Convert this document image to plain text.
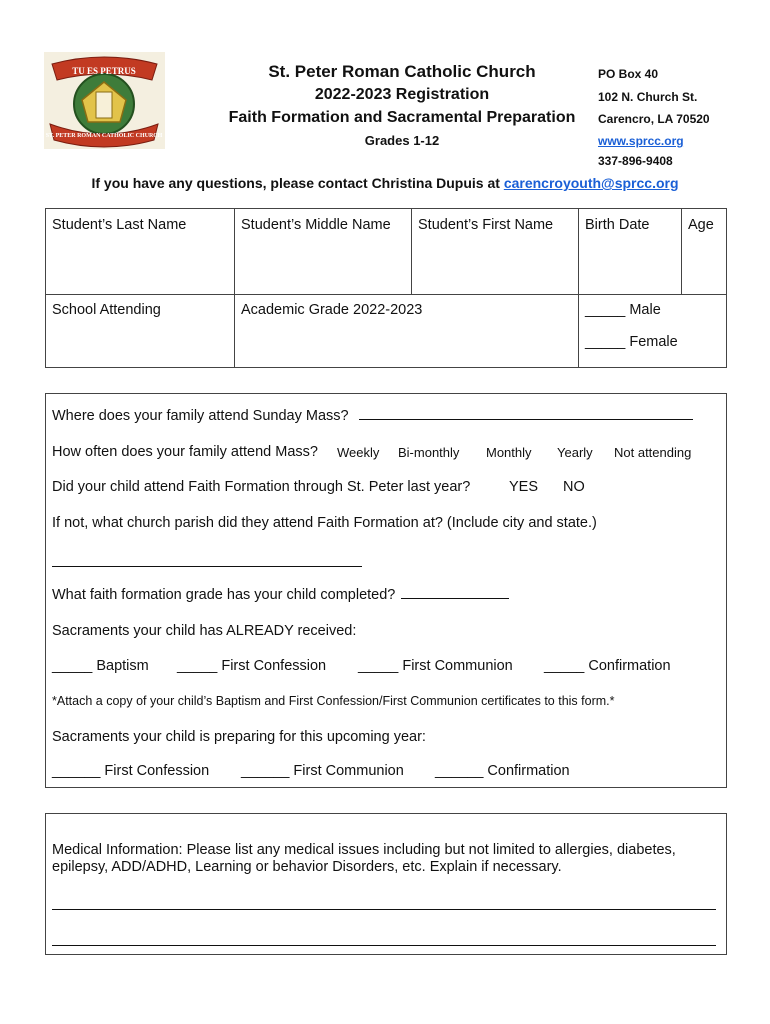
TU ES PETRUS
ST. PETER ROMAN CATHOLIC CHURCH
St. Peter Roman Catholic Church
2022-2023 Registration
Faith Formation and Sacramental Preparation
Grades 1-12
PO Box 40
102 N. Church St.
Carencro, LA 70520
www.sprcc.org
337-896-9408
If you have any questions, please contact Christina Dupuis at carencroyouth@sprcc.org
Student’s Last Name	Student’s Middle Name Student’s First Name Birth Date	Age
School Attending	Academic Grade 2022-2023	_____ Male
_____ Female
Where does your family attend Sunday Mass?
How often does your family attend Mass? Weekly Bi-monthly Monthly Yearly Not attending
Did your child attend Faith Formation through St. Peter last year?	YES NO
If not, what church parish did they attend Faith Formation at? (Include city and state.)
What faith formation grade has your child completed?
Sacraments your child has ALREADY received:
_____ Baptism _____ First Confession _____ First Communion _____ Confirmation
*Attach a copy of your child’s Baptism and First Confession/First Communion certificates to this form.*
Sacraments your child is preparing for this upcoming year:
______ First Confession ______ First Communion ______ Confirmation
Medical Information: Please list any medical issues including but not limited to allergies, diabetes,
epilepsy, ADD/ADHD, Learning or behavior Disorders, etc. Explain if necessary.
